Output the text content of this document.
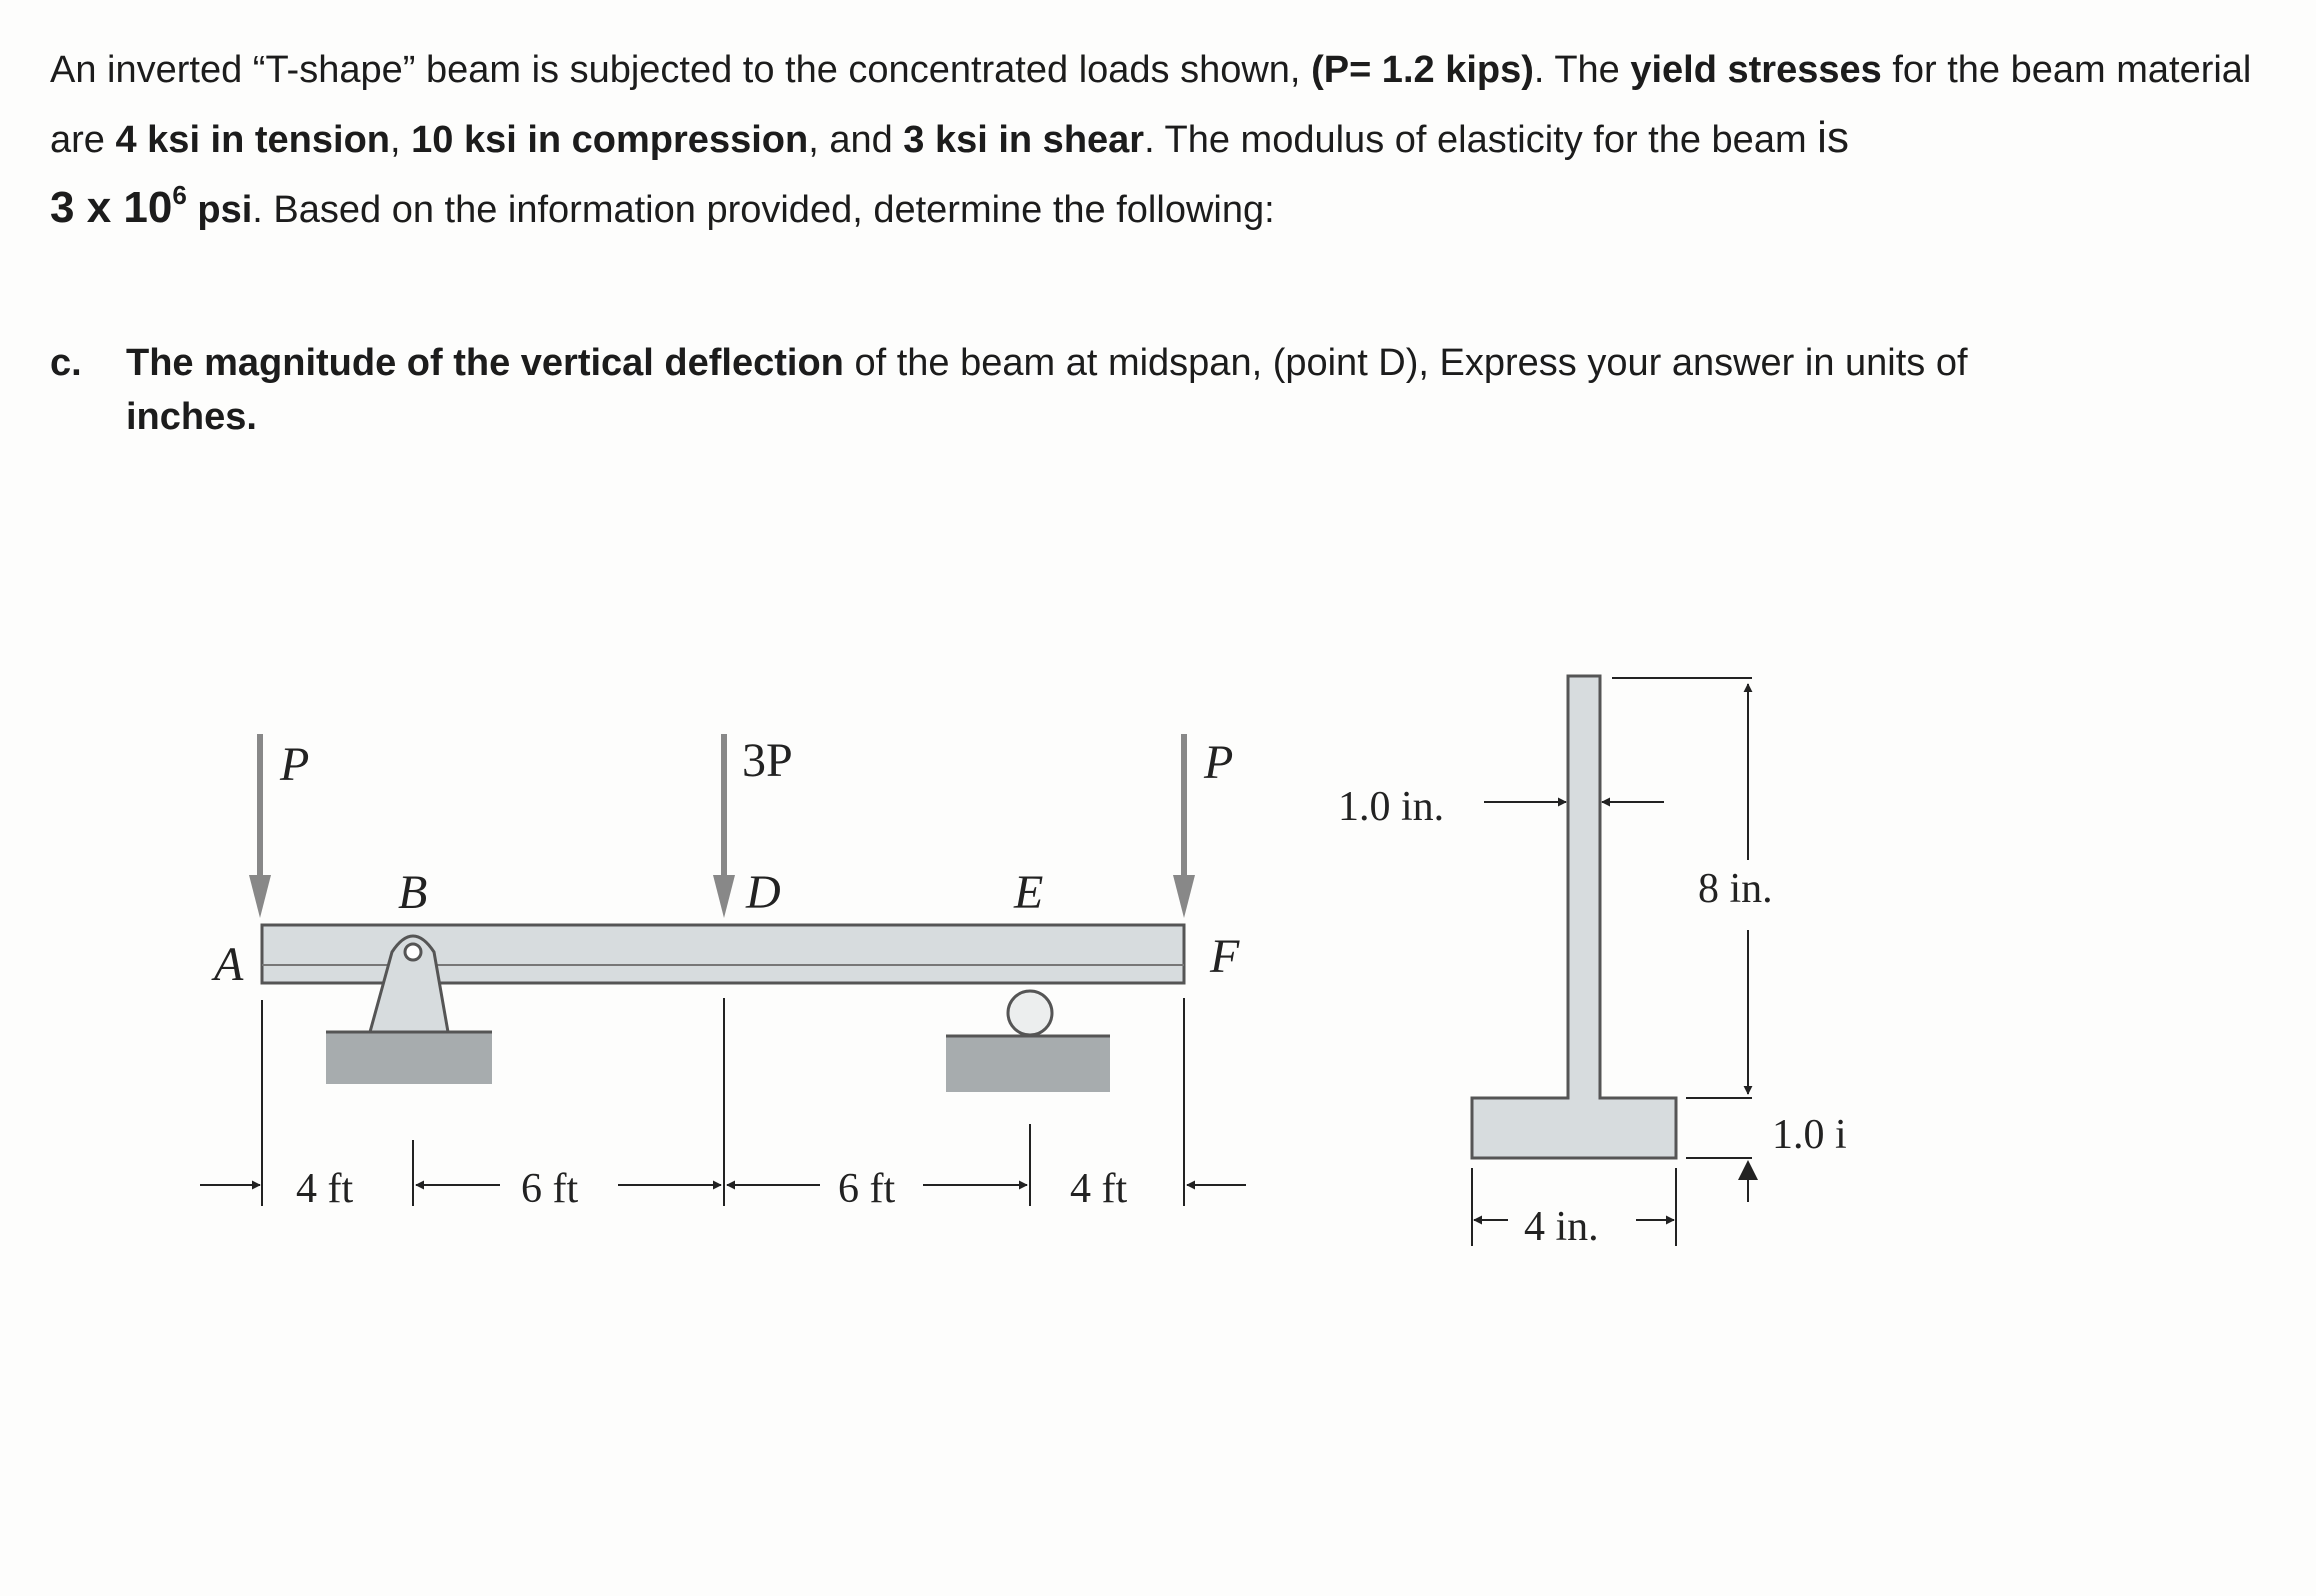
An inverted “T-shape” beam is subjected to the concentrated loads shown, (P= 1.2 kips). The yield stresses for the beam material are 4 ksi in tension, 10 ksi in compression, and 3 ksi in shear. The modulus of elasticity for the beam is
3 x $10^6$ psi. Based on the information provided, determine the following:

c. The magnitude of the vertical deflection of the beam at midspan, (point D), Express your answer in units of
inches.
P	3P	P
A
B	D	E
F
4 ft	6 ft	6 ft	4 ft
1.0 in.
8 in.
1.0 i
4 in.
